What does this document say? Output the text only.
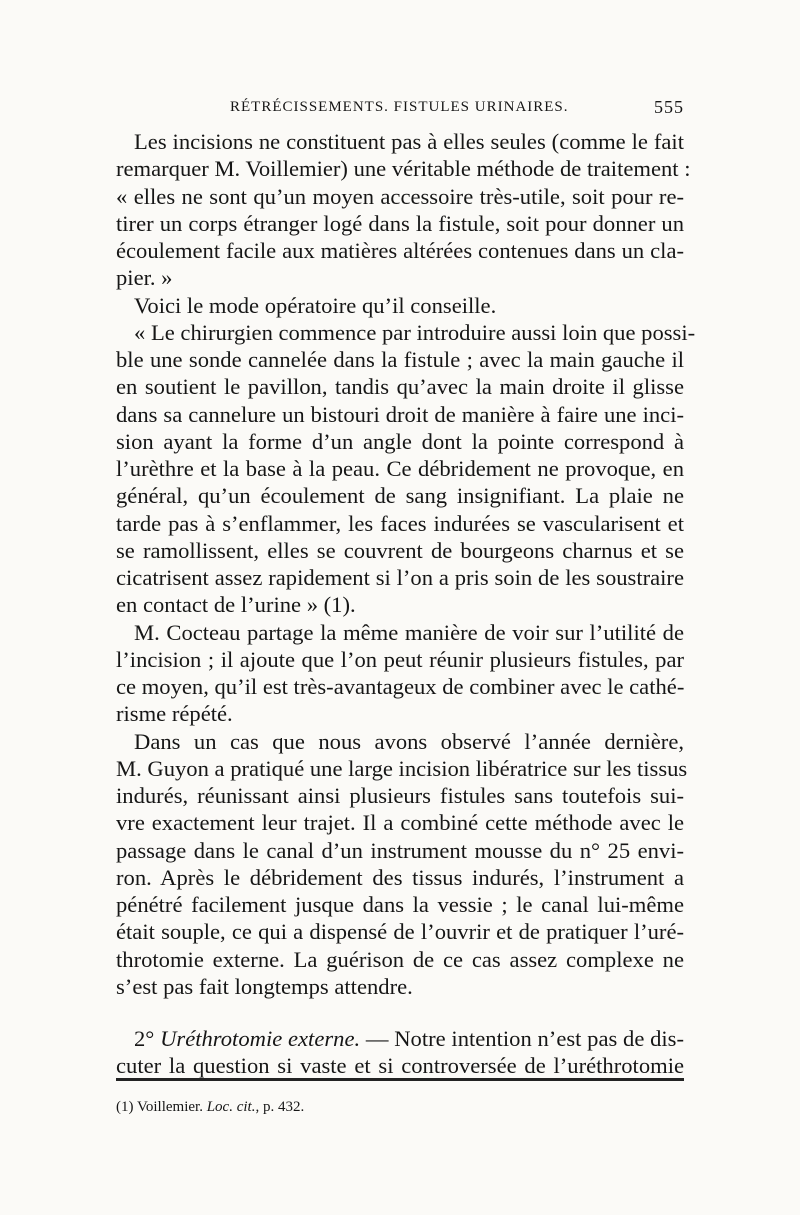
RÉTRÉCISSEMENTS. FISTULES URINAIRES.	555
Les incisions ne constituent pas à elles seules (comme le fait
remarquer M. Voillemier) une véritable méthode de traitement :
« elles ne sont qu’un moyen accessoire très-utile, soit pour re-
tirer un corps étranger logé dans la fistule, soit pour donner un
écoulement facile aux matières altérées contenues dans un cla-
pier. »
Voici le mode opératoire qu’il conseille.
« Le chirurgien commence par introduire aussi loin que possi-
ble une sonde cannelée dans la fistule ; avec la main gauche il
en soutient le pavillon, tandis qu’avec la main droite il glisse
dans sa cannelure un bistouri droit de manière à faire une inci-
sion ayant la forme d’un angle dont la pointe correspond à
l’urèthre et la base à la peau. Ce débridement ne provoque, en
général, qu’un écoulement de sang insignifiant. La plaie ne
tarde pas à s’enflammer, les faces indurées se vascularisent et
se ramollissent, elles se couvrent de bourgeons charnus et se
cicatrisent assez rapidement si l’on a pris soin de les soustraire
en contact de l’urine » (1).
M. Cocteau partage la même manière de voir sur l’utilité de
l’incision ; il ajoute que l’on peut réunir plusieurs fistules, par
ce moyen, qu’il est très-avantageux de combiner avec le cathé-
risme répété.
Dans un cas que nous avons observé l’année dernière,
M. Guyon a pratiqué une large incision libératrice sur les tissus
indurés, réunissant ainsi plusieurs fistules sans toutefois sui-
vre exactement leur trajet. Il a combiné cette méthode avec le
passage dans le canal d’un instrument mousse du n° 25 envi-
ron. Après le débridement des tissus indurés, l’instrument a
pénétré facilement jusque dans la vessie ; le canal lui-même
était souple, ce qui a dispensé de l’ouvrir et de pratiquer l’uré-
throtomie externe. La guérison de ce cas assez complexe ne
s’est pas fait longtemps attendre.
2° Uréthrotomie externe. — Notre intention n’est pas de dis-
cuter la question si vaste et si controversée de l’uréthrotomie
(1) Voillemier. Loc. cit., p. 432.
